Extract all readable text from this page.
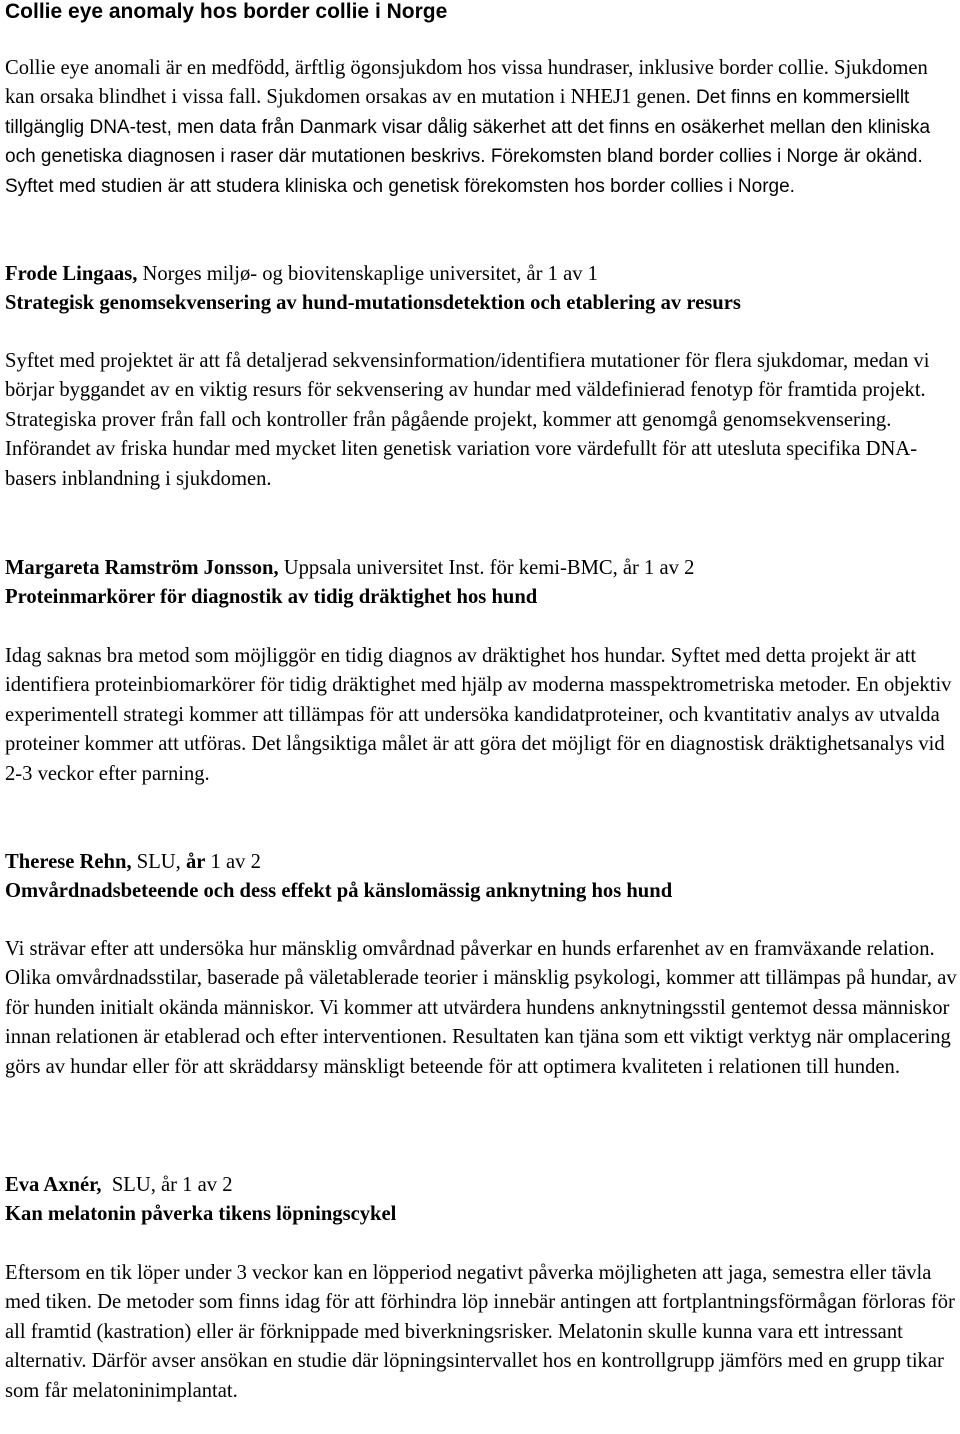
Collie eye anomaly hos border collie i Norge
Collie eye anomali är en medfödd, ärftlig ögonsjukdom hos vissa hundraser, inklusive border collie. Sjukdomen kan orsaka blindhet i vissa fall. Sjukdomen orsakas av en mutation i NHEJ1 genen. Det finns en kommersiellt tillgänglig DNA-test, men data från Danmark visar dålig säkerhet att det finns en osäkerhet mellan den kliniska och genetiska diagnosen i raser där mutationen beskrivs. Förekomsten bland border collies i Norge är okänd. Syftet med studien är att studera kliniska och genetisk förekomsten hos border collies i Norge.
Frode Lingaas, Norges miljø- og biovitenskaplige universitet, år 1 av 1
Strategisk genomsekvensering av hund-mutationsdetektion och etablering av resurs
Syftet med projektet är att få detaljerad sekvensinformation/identifiera mutationer för flera sjukdomar, medan vi börjar byggandet av en viktig resurs för sekvensering av hundar med väldefinierad fenotyp för framtida projekt. Strategiska prover från fall och kontroller från pågående projekt, kommer att genomgå genomsekvensering. Införandet av friska hundar med mycket liten genetisk variation vore värdefullt för att utesluta specifika DNA-basers inblandning i sjukdomen.
Margareta Ramström Jonsson, Uppsala universitet Inst. för kemi-BMC, år 1 av 2
Proteinmarkörer för diagnostik av tidig dräktighet hos hund
Idag saknas bra metod som möjliggör en tidig diagnos av dräktighet hos hundar. Syftet med detta projekt är att identifiera proteinbiomarkörer för tidig dräktighet med hjälp av moderna masspektrometriska metoder. En objektiv experimentell strategi kommer att tillämpas för att undersöka kandidatproteiner, och kvantitativ analys av utvalda proteiner kommer att utföras. Det långsiktiga målet är att göra det möjligt för en diagnostisk dräktighetsanalys vid 2-3 veckor efter parning.
Therese Rehn, SLU, år 1 av 2
Omvårdnadsbeteende och dess effekt på känslomässig anknytning hos hund
Vi strävar efter att undersöka hur mänsklig omvårdnad påverkar en hunds erfarenhet av en framväxande relation. Olika omvårdnadsstilar, baserade på väletablerade teorier i mänsklig psykologi, kommer att tillämpas på hundar, av för hunden initialt okända människor. Vi kommer att utvärdera hundens anknytningsstil gentemot dessa människor innan relationen är etablerad och efter interventionen. Resultaten kan tjäna som ett viktigt verktyg när omplacering görs av hundar eller för att skräddarsy mänskligt beteende för att optimera kvaliteten i relationen till hunden.
Eva Axnér,  SLU, år 1 av 2
Kan melatonin påverka tikens löpningscykel
Eftersom en tik löper under 3 veckor kan en löpperiod negativt påverka möjligheten att jaga, semestra eller tävla med tiken. De metoder som finns idag för att förhindra löp innebär antingen att fortplantningsförmågan förloras för all framtid (kastration) eller är förknippade med biverkningsrisker. Melatonin skulle kunna vara ett intressant alternativ. Därför avser ansökan en studie där löpningsintervallet hos en kontrollgrupp jämförs med en grupp tikar som får melatoninimplantat.
